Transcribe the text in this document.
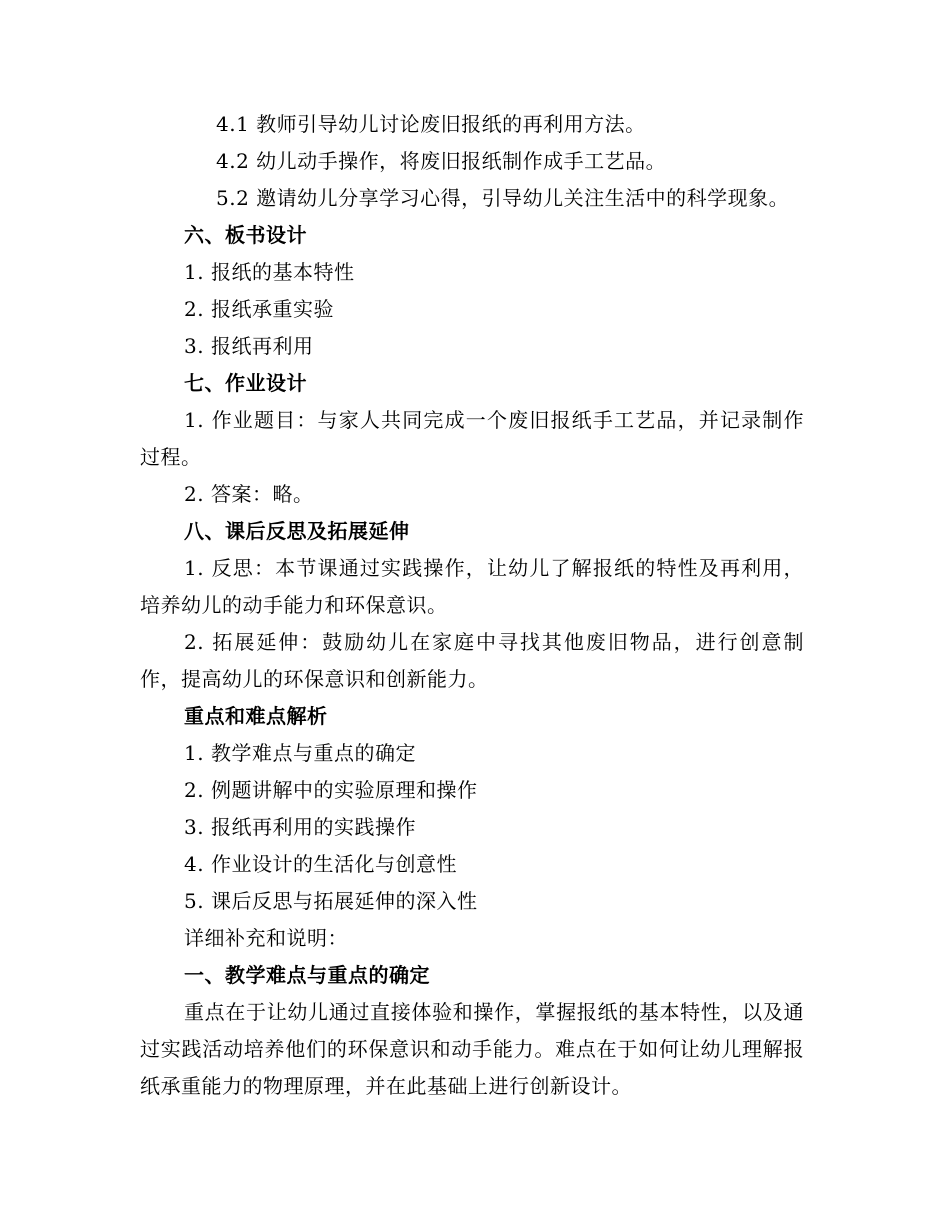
4.1 教师引导幼儿讨论废旧报纸的再利用方法。
4.2 幼儿动手操作，将废旧报纸制作成手工艺品。
5.2 邀请幼儿分享学习心得，引导幼儿关注生活中的科学现象。
六、板书设计
1. 报纸的基本特性
2. 报纸承重实验
3. 报纸再利用
七、作业设计
1. 作业题目：与家人共同完成一个废旧报纸手工艺品，并记录制作过程。
2. 答案：略。
八、课后反思及拓展延伸
1. 反思：本节课通过实践操作，让幼儿了解报纸的特性及再利用，培养幼儿的动手能力和环保意识。
2. 拓展延伸：鼓励幼儿在家庭中寻找其他废旧物品，进行创意制作，提高幼儿的环保意识和创新能力。
重点和难点解析
1. 教学难点与重点的确定
2. 例题讲解中的实验原理和操作
3. 报纸再利用的实践操作
4. 作业设计的生活化与创意性
5. 课后反思与拓展延伸的深入性
详细补充和说明：
一、教学难点与重点的确定
重点在于让幼儿通过直接体验和操作，掌握报纸的基本特性，以及通过实践活动培养他们的环保意识和动手能力。难点在于如何让幼儿理解报纸承重能力的物理原理，并在此基础上进行创新设计。
